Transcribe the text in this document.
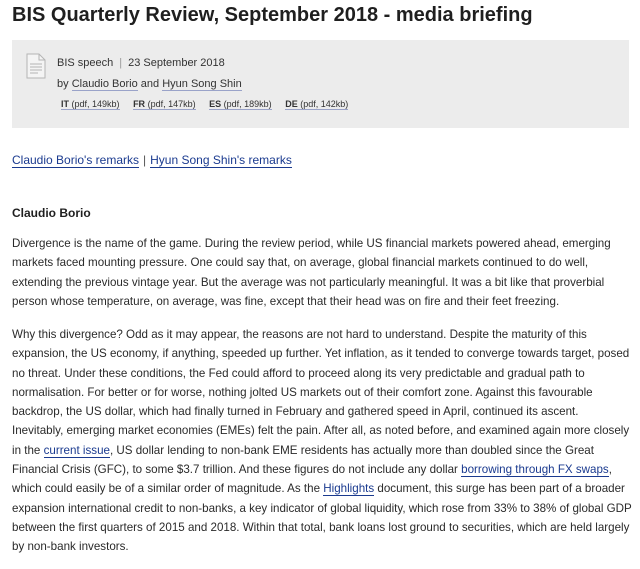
BIS Quarterly Review, September 2018 - media briefing
BIS speech | 23 September 2018
by Claudio Borio and Hyun Song Shin
IT (pdf, 149kb) FR (pdf, 147kb) ES (pdf, 189kb) DE (pdf, 142kb)
Claudio Borio's remarks | Hyun Song Shin's remarks
Claudio Borio

Divergence is the name of the game. During the review period, while US financial markets powered ahead, emerging markets faced mounting pressure. One could say that, on average, global financial markets continued to do well, extending the previous vintage year. But the average was not particularly meaningful. It was a bit like that proverbial person whose temperature, on average, was fine, except that their head was on fire and their feet freezing.

Why this divergence? Odd as it may appear, the reasons are not hard to understand. Despite the maturity of this expansion, the US economy, if anything, speeded up further. Yet inflation, as it tended to converge towards target, posed no threat. Under these conditions, the Fed could afford to proceed along its very predictable and gradual path to normalisation. For better or for worse, nothing jolted US markets out of their comfort zone. Against this favourable backdrop, the US dollar, which had finally turned in February and gathered speed in April, continued its ascent. Inevitably, emerging market economies (EMEs) felt the pain. After all, as noted before, and examined again more closely in the current issue, US dollar lending to non-bank EME residents has actually more than doubled since the Great Financial Crisis (GFC), to some $3.7 trillion. And these figures do not include any dollar borrowing through FX swaps, which could easily be of a similar order of magnitude. As the Highlights document, this surge has been part of a broader expansion international credit to non-banks, a key indicator of global liquidity, which rose from 33% to 38% of global GDP between the first quarters of 2015 and 2018. Within that total, bank loans lost ground to securities, which are held largely by non-bank investors.
